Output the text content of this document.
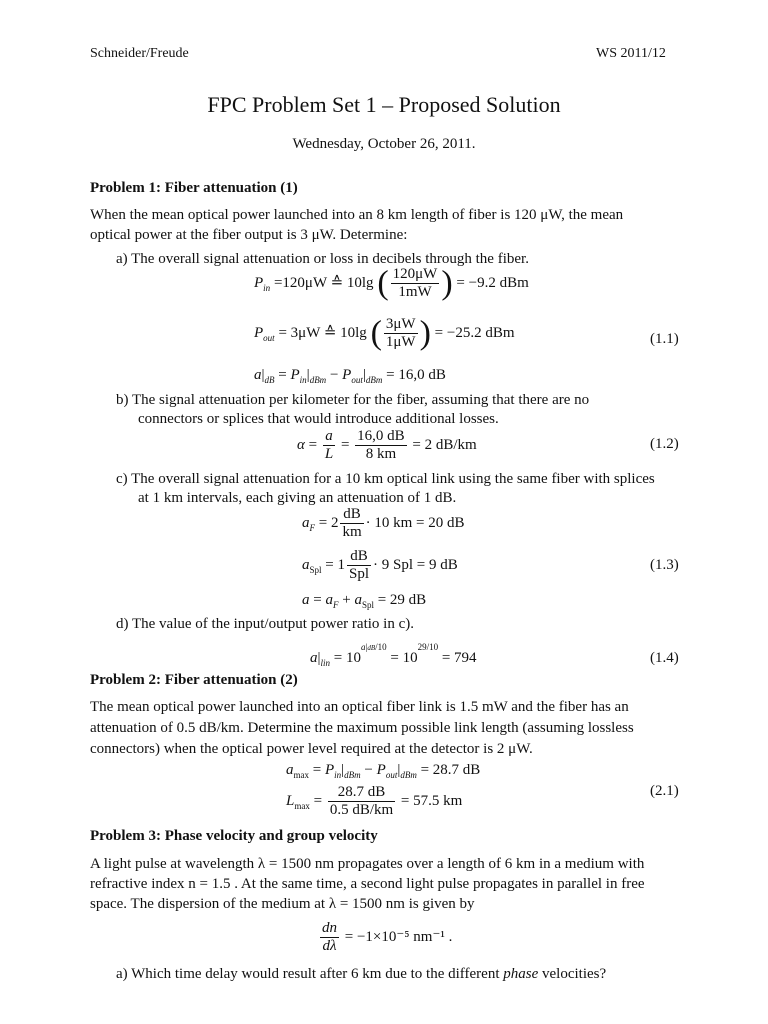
Schneider/Freude	WS 2011/12
FPC Problem Set 1 – Proposed Solution
Wednesday, October 26, 2011.
Problem 1: Fiber attenuation (1)
When the mean optical power launched into an 8 km length of fiber is 120 μW, the mean
optical power at the fiber output is 3 μW. Determine:
a) The overall signal attenuation or loss in decibels through the fiber.
$P_{in} =120\mu W$ ≙ 10lg ( $\frac{120\mu W}{1mW}$ ) = −9.2 dBm
$P_{out} = 3\mu W$ ≙ 10lg ( $\frac{3\mu W}{1\mu W}$ ) = −25.2 dBm	(1.1)
$a|_{dB} = P_{in}|_{dBm} - P_{out}|_{dBm} = 16,0$ dB
b) The signal attenuation per kilometer for the fiber, assuming that there are no
connectors or splices that would introduce additional losses.
$\alpha = \frac{a}{L} = \frac{16,0 dB}{8 km} = 2$ dB/km	(1.2)
c) The overall signal attenuation for a 10 km optical link using the same fiber with splices
at 1 km intervals, each giving an attenuation of 1 dB.
$a_F = 2 \frac{dB}{km} \cdot 10$ km = 20 dB
$a_{Spl} = 1 \frac{dB}{\text{Spl}} \cdot 9$ Spl = 9 dB	(1.3)
$a = a_F + a_{Spl} = 29$ dB
d) The value of the input/output power ratio in c).
$a|_{lin} = 10^{a|dB/10} = 10^{29/10} = 794$	(1.4)
Problem 2: Fiber attenuation (2)
The mean optical power launched into an optical fiber link is 1.5 mW and the fiber has an
attenuation of 0.5 dB/km. Determine the maximum possible link length (assuming lossless
connectors) when the optical power level required at the detector is 2 μW.
$a_{max} = P_{in}|_{dBm} - P_{out}|_{dBm} = 28.7$ dB
$L_{max} = \frac{28.7 dB}{0.5 dB/km} = 57.5$ km
(2.1)
Problem 3: Phase velocity and group velocity
A light pulse at wavelength λ = 1500 nm propagates over a length of 6 km in a medium with
refractive index n = 1.5 . At the same time, a second light pulse propagates in parallel in free
space. The dispersion of the medium at λ = 1500 nm is given by
$\frac{dn}{d\lambda} = -1\times 10^{-5}$ nm⁻¹ .
a) Which time delay would result after 6 km due to the different phase velocities?
